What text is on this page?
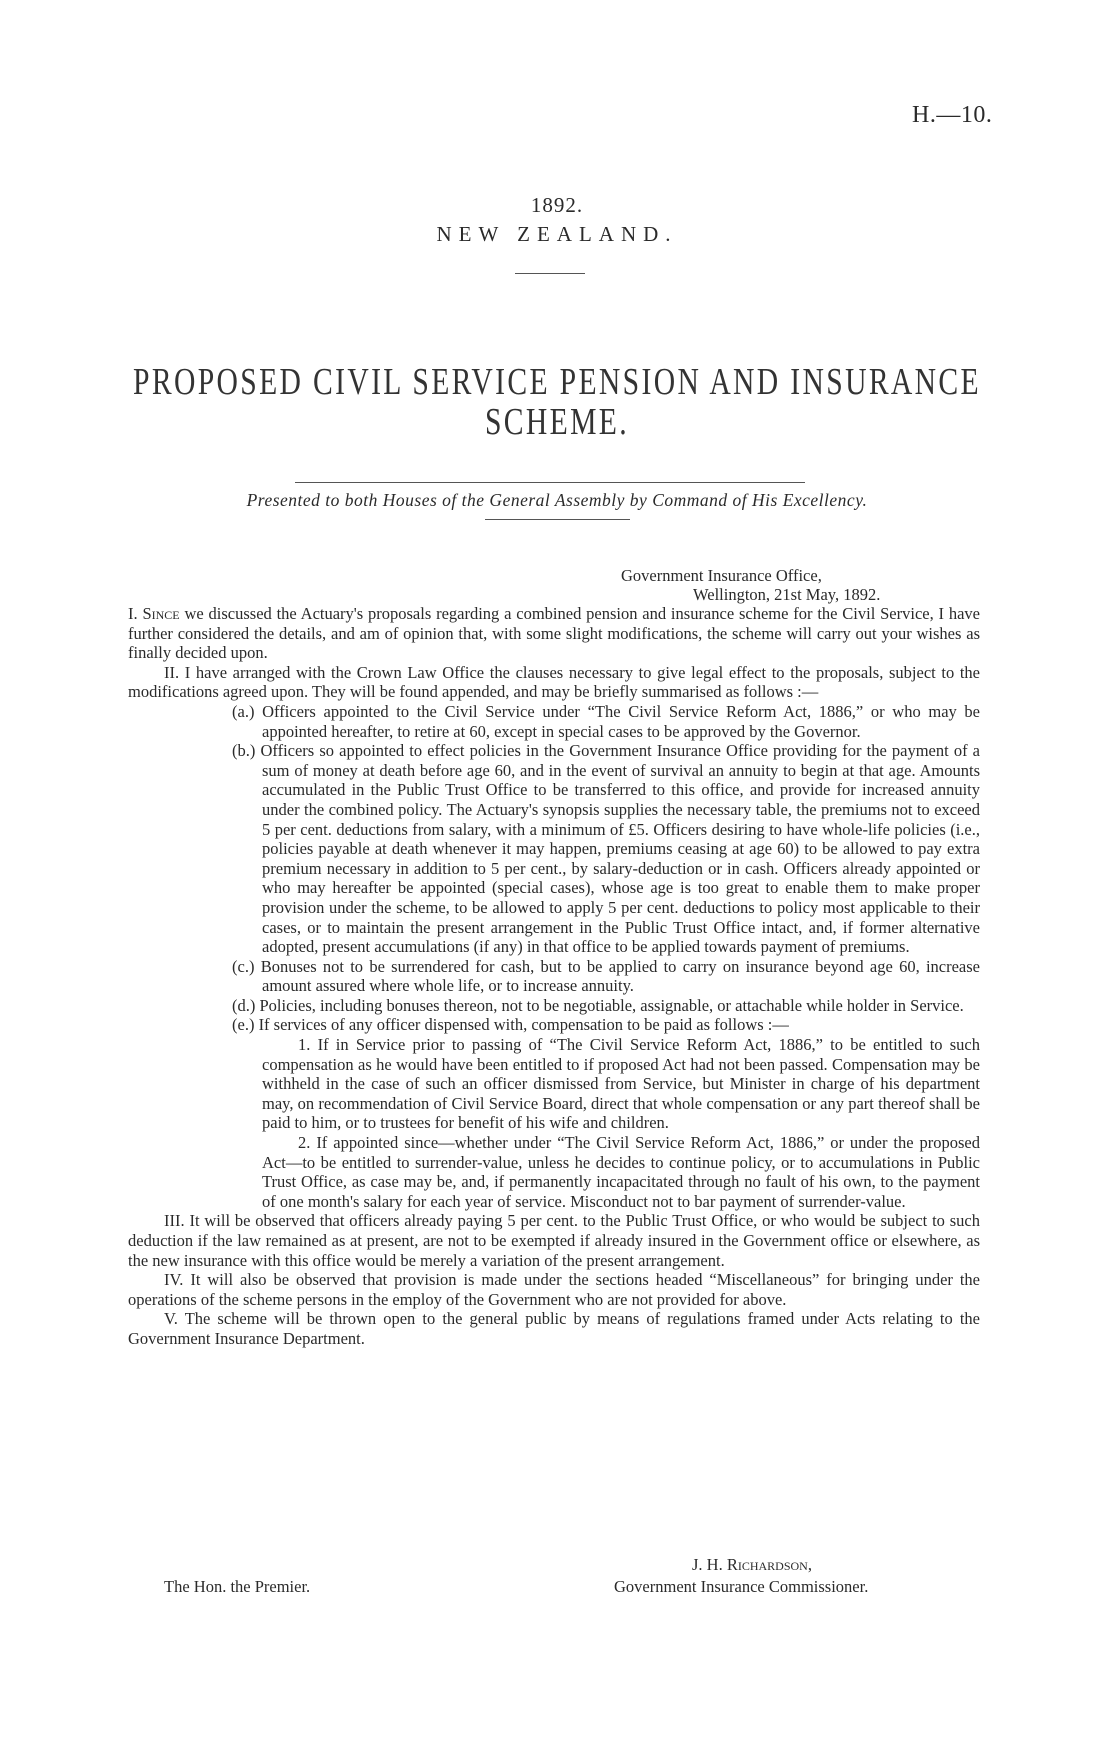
H.—10.
1892.
NEW ZEALAND.
PROPOSED CIVIL SERVICE PENSION AND INSURANCE SCHEME.
Presented to both Houses of the General Assembly by Command of His Excellency.
Government Insurance Office,
Wellington, 21st May, 1892.

I. Since we discussed the Actuary's proposals regarding a combined pension and insurance scheme for the Civil Service, I have further considered the details, and am of opinion that, with some slight modifications, the scheme will carry out your wishes as finally decided upon.

II. I have arranged with the Crown Law Office the clauses necessary to give legal effect to the proposals, subject to the modifications agreed upon. They will be found appended, and may be briefly summarised as follows :—

(a.) Officers appointed to the Civil Service under “The Civil Service Reform Act, 1886,” or who may be appointed hereafter, to retire at 60, except in special cases to be approved by the Governor.

(b.) Officers so appointed to effect policies in the Government Insurance Office providing for the payment of a sum of money at death before age 60, and in the event of survival an annuity to begin at that age. Amounts accumulated in the Public Trust Office to be transferred to this office, and provide for increased annuity under the combined policy. The Actuary's synopsis supplies the necessary table, the premiums not to exceed 5 per cent. deductions from salary, with a minimum of £5. Officers desiring to have whole-life policies (i.e., policies payable at death whenever it may happen, premiums ceasing at age 60) to be allowed to pay extra premium necessary in addition to 5 per cent., by salary-deduction or in cash. Officers already appointed or who may hereafter be appointed (special cases), whose age is too great to enable them to make proper provision under the scheme, to be allowed to apply 5 per cent. deductions to policy most applicable to their cases, or to maintain the present arrangement in the Public Trust Office intact, and, if former alternative adopted, present accumulations (if any) in that office to be applied towards payment of premiums.

(c.) Bonuses not to be surrendered for cash, but to be applied to carry on insurance beyond age 60, increase amount assured where whole life, or to increase annuity.

(d.) Policies, including bonuses thereon, not to be negotiable, assignable, or attachable while holder in Service.

(e.) If services of any officer dispensed with, compensation to be paid as follows :—

1. If in Service prior to passing of “The Civil Service Reform Act, 1886,” to be entitled to such compensation as he would have been entitled to if proposed Act had not been passed. Compensation may be withheld in the case of such an officer dismissed from Service, but Minister in charge of his department may, on recommendation of Civil Service Board, direct that whole compensation or any part thereof shall be paid to him, or to trustees for benefit of his wife and children.

2. If appointed since—whether under “The Civil Service Reform Act, 1886,” or under the proposed Act—to be entitled to surrender-value, unless he decides to continue policy, or to accumulations in Public Trust Office, as case may be, and, if permanently incapacitated through no fault of his own, to the payment of one month's salary for each year of service. Misconduct not to bar payment of surrender-value.

III. It will be observed that officers already paying 5 per cent. to the Public Trust Office, or who would be subject to such deduction if the law remained as at present, are not to be exempted if already insured in the Government office or elsewhere, as the new insurance with this office would be merely a variation of the present arrangement.

IV. It will also be observed that provision is made under the sections headed “Miscellaneous” for bringing under the operations of the scheme persons in the employ of the Government who are not provided for above.

V. The scheme will be thrown open to the general public by means of regulations framed under Acts relating to the Government Insurance Department.

J. H. Richardson,
The Hon. the Premier.	Government Insurance Commissioner.
